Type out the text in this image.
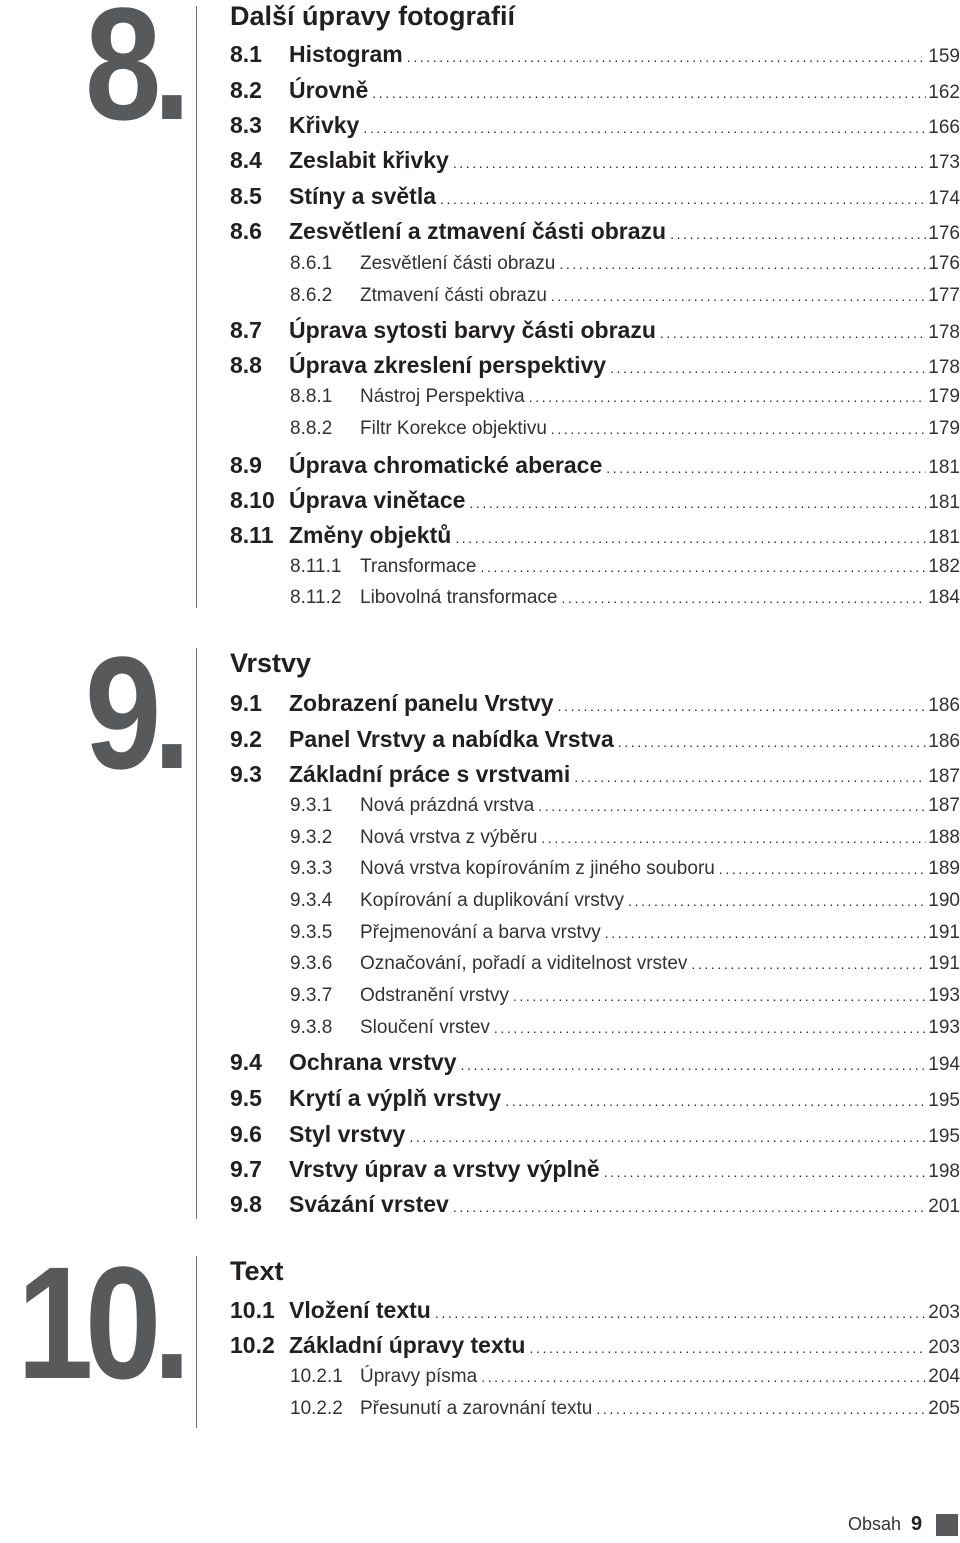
8. Další úpravy fotografií
8.1	Histogram .....	159
8.2	Úrovně .....	162
8.3	Křivky .....	166
8.4	Zeslabit křivky .....	173
8.5	Stíny a světla .....	174
8.6	Zesvětlení a ztmavení části obrazu .....	176
8.6.1	Zesvětlení části obrazu .....	176
8.6.2	Ztmavení části obrazu .....	177
8.7	Úprava sytosti barvy části obrazu .....	178
8.8	Úprava zkreslení perspektivy .....	178
8.8.1	Nástroj Perspektiva .....	179
8.8.2	Filtr Korekce objektivu .....	179
8.9	Úprava chromatické aberace .....	181
8.10 Úprava vinětace .....	181
8.11 Změny objektů .....	181
8.11.1 Transformace .....	182
8.11.2 Libovolná transformace .....	184
9. Vrstvy
9.1	Zobrazení panelu Vrstvy .....	186
9.2	Panel Vrstvy a nabídka Vrstva .....	186
9.3	Základní práce s vrstvami .....	187
9.3.1	Nová prázdná vrstva .....	187
9.3.2	Nová vrstva z výběru .....	188
9.3.3	Nová vrstva kopírováním z jiného souboru .....	189
9.3.4	Kopírování a duplikování vrstvy .....	190
9.3.5	Přejmenování a barva vrstvy .....	191
9.3.6	Označování, pořadí a viditelnost vrstev .....	191
9.3.7	Odstranění vrstvy .....	193
9.3.8	Sloučení vrstev .....	193
9.4	Ochrana vrstvy .....	194
9.5	Krytí a výplň vrstvy .....	195
9.6	Styl vrstvy .....	195
9.7	Vrstvy úprav a vrstvy výplně .....	198
9.8	Svázání vrstev .....	201
10. Text
10.1 Vložení textu .....	203
10.2 Základní úpravy textu .....	203
10.2.1 Úpravy písma .....	204
10.2.2 Přesunutí a zarovnání textu .....	205
Obsah 9
